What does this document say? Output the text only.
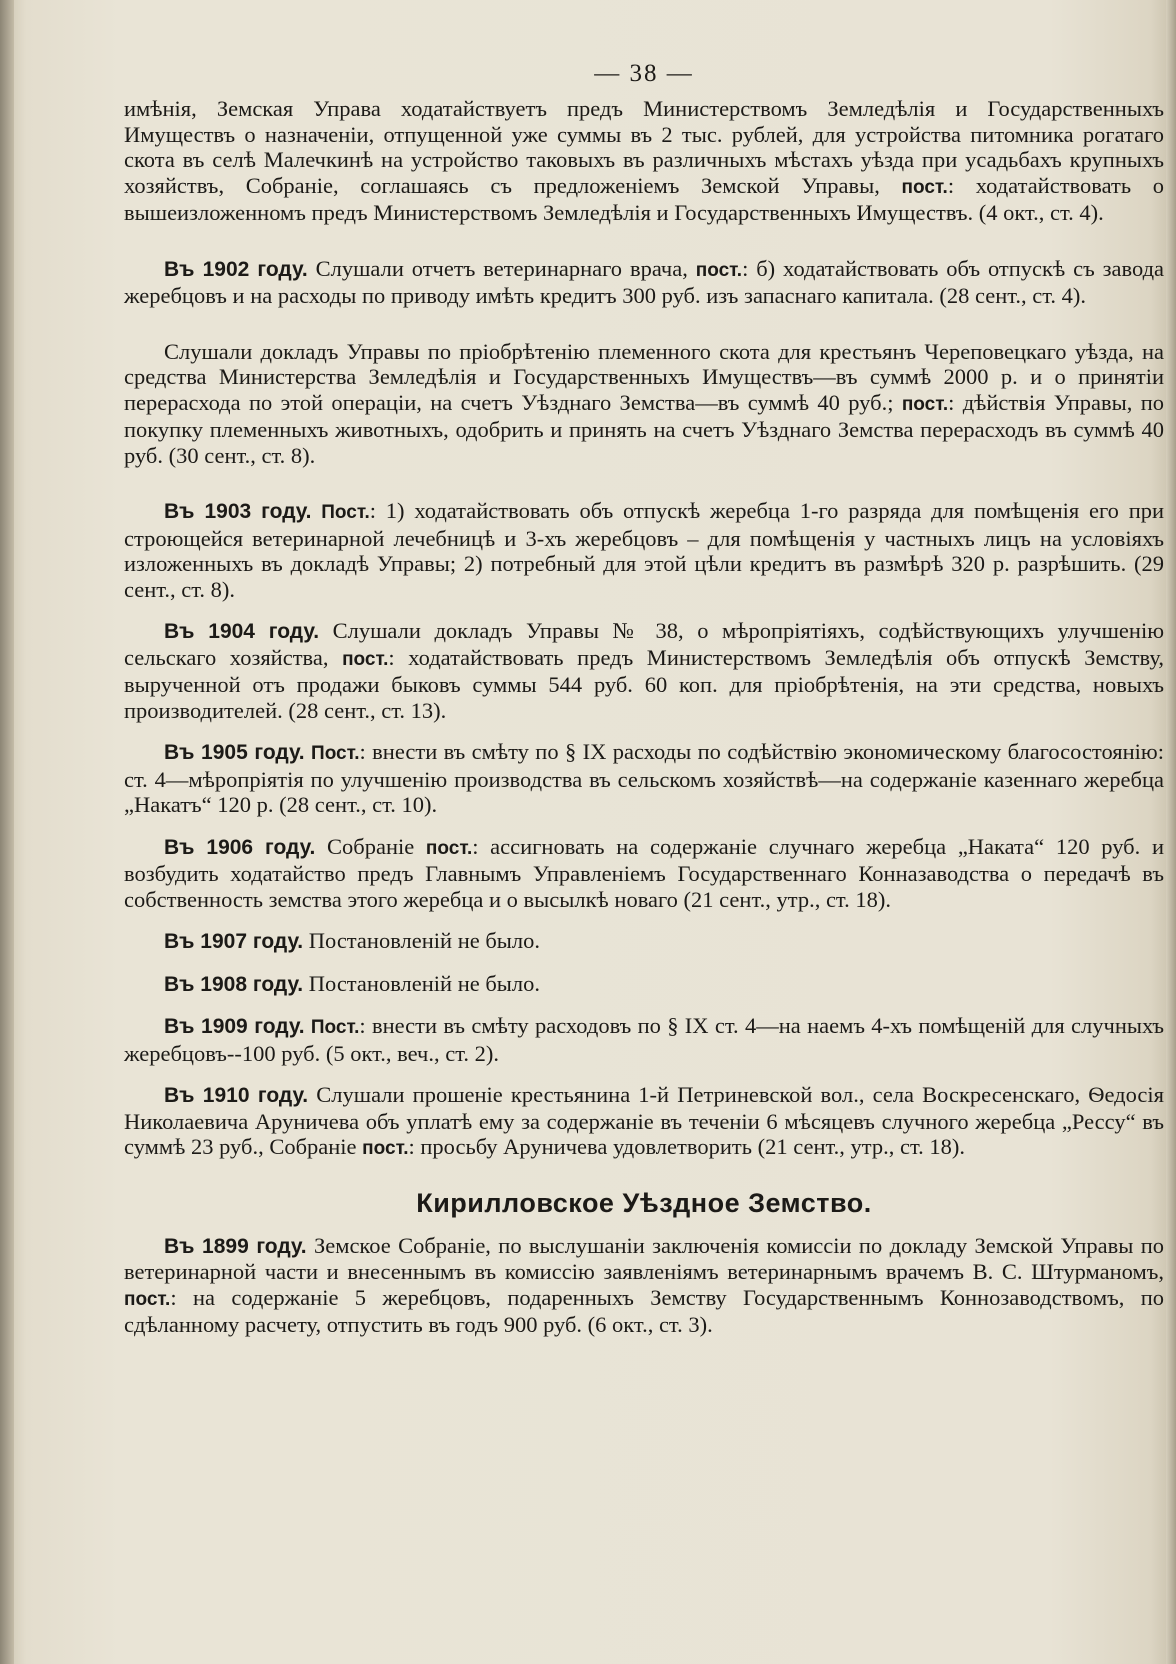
— 38 —

имѣнія, Земская Управа ходатайствуетъ предъ Министерствомъ Земледѣлія и Государственныхъ Имуществъ о назначеніи, отпущенной уже суммы въ 2 тыс. рублей, для устройства питомника рогатаго скота въ селѣ Малечкинѣ на устройство таковыхъ въ различныхъ мѣстахъ уѣзда при усадьбахъ крупныхъ хозяйствъ, Собраніе, соглашаясь съ предложеніемъ Земской Управы, пост.: ходатайствовать о вышеизложенномъ предъ Министерствомъ Земледѣлія и Государственныхъ Имуществъ. (4 окт., ст. 4).

Въ 1902 году. Слушали отчетъ ветеринарнаго врача, пост.: б) ходатайствовать объ отпускѣ съ завода жеребцовъ и на расходы по приводу имѣть кредитъ 300 руб. изъ запаснаго капитала. (28 сент., ст. 4).

Слушали докладъ Управы по пріобрѣтенію племенного скота для крестьянъ Череповецкаго уѣзда, на средства Министерства Земледѣлія и Государственныхъ Имуществъ—въ суммѣ 2000 р. и о принятіи перерасхода по этой операціи, на счетъ Уѣзднаго Земства—въ суммѣ 40 руб.; пост.: дѣйствія Управы, по покупку племенныхъ животныхъ, одобрить и принять на счетъ Уѣзднаго Земства перерасходъ въ суммѣ 40 руб. (30 сент., ст. 8).

Въ 1903 году. Пост.: 1) ходатайствовать объ отпускѣ жеребца 1-го разряда для помѣщенія его при строющейся ветеринарной лечебницѣ и 3-хъ жеребцовъ – для помѣщенія у частныхъ лицъ на условіяхъ изложенныхъ въ докладѣ Управы; 2) потребный для этой цѣли кредитъ въ размѣрѣ 320 р. разрѣшить. (29 сент., ст. 8).

Въ 1904 году. Слушали докладъ Управы № 38, о мѣропріятіяхъ, содѣйствующихъ улучшенію сельскаго хозяйства, пост.: ходатайствовать предъ Министерствомъ Земледѣлія объ отпускѣ Земству, вырученной отъ продажи быковъ суммы 544 руб. 60 коп. для пріобрѣтенія, на эти средства, новыхъ производителей. (28 сент., ст. 13).

Въ 1905 году. Пост.: внести въ смѣту по § IX расходы по содѣйствію экономическому благосостоянію: ст. 4—мѣропріятія по улучшенію производства въ сельскомъ хозяйствѣ—на содержаніе казеннаго жеребца „Накатъ“ 120 р. (28 сент., ст. 10).

Въ 1906 году. Собраніе пост.: ассигновать на содержаніе случнаго жеребца „Наката“ 120 руб. и возбудить ходатайство предъ Главнымъ Управленіемъ Государственнаго Конназаводства о передачѣ въ собственность земства этого жеребца и о высылкѣ новаго (21 сент., утр., ст. 18).

Въ 1907 году. Постановленій не было.

Въ 1908 году. Постановленій не было.

Въ 1909 году. Пост.: внести въ смѣту расходовъ по § IX ст. 4—на наемъ 4-хъ помѣщеній для случныхъ жеребцовъ--100 руб. (5 окт., веч., ст. 2).

Въ 1910 году. Слушали прошеніе крестьянина 1-й Петриневской вол., села Воскресенскаго, Ѳедосія Николаевича Аруничева объ уплатѣ ему за содержаніе въ теченіи 6 мѣсяцевъ случного жеребца „Рессу“ въ суммѣ 23 руб., Собраніе пост.: просьбу Аруничева удовлетворить (21 сент., утр., ст. 18).

Кирилловское Уѣздное Земство.

Въ 1899 году. Земское Собраніе, по выслушаніи заключенія комиссіи по докладу Земской Управы по ветеринарной части и внесеннымъ въ комиссію заявленіямъ ветеринарнымъ врачемъ В. С. Штурманомъ, пост.: на содержаніе 5 жеребцовъ, подаренныхъ Земству Государственнымъ Коннозаводствомъ, по сдѣланному расчету, отпустить въ годъ 900 руб. (6 окт., ст. 3).
